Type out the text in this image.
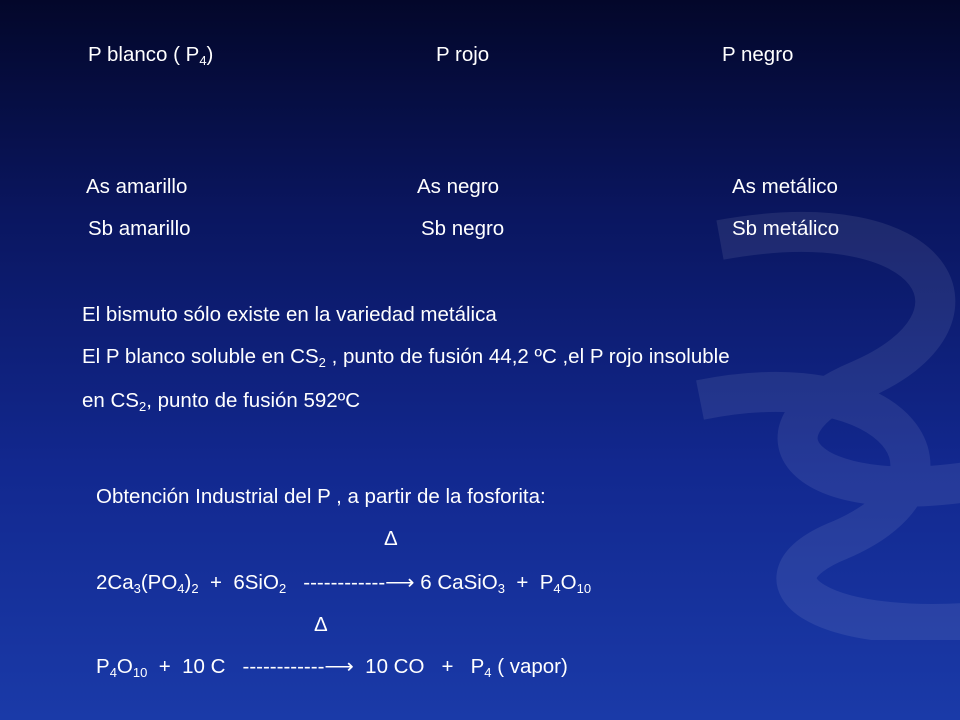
P blanco ( $P_4$)	P rojo	P negro
As amarillo	As negro	As metálico
Sb amarillo	Sb negro	Sb metálico
El bismuto sólo existe en la variedad metálica
El P blanco soluble en $CS_2$ , punto de fusión 44,2 ºC ,el P rojo insoluble
en $CS_2$, punto de fusión 592ºC
Obtención Industrial del P , a partir de la fosforita:
Δ
$2Ca_3(PO_4)_2 + 6SiO_2$   ------------⟶ 6 CaSiO$_3$  +  $P_4O_{10}$
Δ
$P_4O_{10} + 10$ C   ------------⟶  10 CO   +   $P_4$ ( vapor)
